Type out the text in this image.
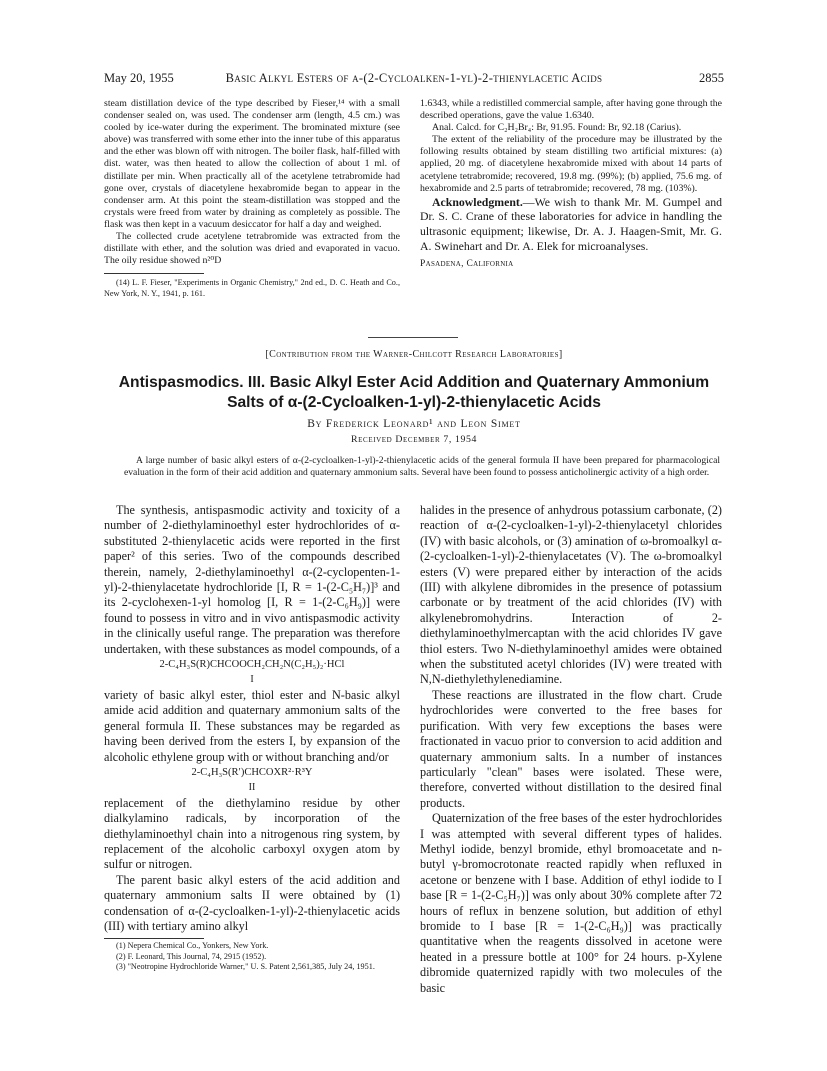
May 20, 1955	Basic Alkyl Esters of α-(2-Cycloalken-1-yl)-2-thienylacetic Acids	2855

steam distillation device of the type described by Fieser,¹⁴ with a small condenser sealed on, was used. The condenser arm (length, 4.5 cm.) was cooled by ice-water during the experiment. The brominated mixture (see above) was transferred with some ether into the inner tube of this apparatus and the ether was blown off with nitrogen. The boiler flask, half-filled with dist. water, was then heated to allow the collection of about 1 ml. of distillate per min. When practically all of the acetylene tetrabromide had gone over, crystals of diacetylene hexabromide began to appear in the condenser arm. At this point the steam-distillation was stopped and the crystals were freed from water by draining as completely as possible. The flask was then kept in a vacuum desiccator for half a day and weighed.

The collected crude acetylene tetrabromide was extracted from the distillate with ether, and the solution was dried and evaporated in vacuo. The oily residue showed n²⁰D

(14) L. F. Fieser, "Experiments in Organic Chemistry," 2nd ed., D. C. Heath and Co., New York, N. Y., 1941, p. 161.

1.6343, while a redistilled commercial sample, after having gone through the described operations, gave the value 1.6340.

Anal. Calcd. for C₂H₂Br₄: Br, 91.95. Found: Br, 92.18 (Carius).

The extent of the reliability of the procedure may be illustrated by the following results obtained by steam distilling two artificial mixtures: (a) applied, 20 mg. of diacetylene hexabromide mixed with about 14 parts of acetylene tetrabromide; recovered, 19.8 mg. (99%); (b) applied, 75.6 mg. of hexabromide and 2.5 parts of tetrabromide; recovered, 78 mg. (103%).

Acknowledgment.—We wish to thank Mr. M. Gumpel and Dr. S. C. Crane of these laboratories for advice in handling the ultrasonic equipment; likewise, Dr. A. J. Haagen-Smit, Mr. G. A. Swinehart and Dr. A. Elek for microanalyses.

Pasadena, California
[Contribution from the Warner-Chilcott Research Laboratories]
Antispasmodics. III. Basic Alkyl Ester Acid Addition and Quaternary Ammonium
Salts of α-(2-Cycloalken-1-yl)-2-thienylacetic Acids
By Frederick Leonard¹ and Leon Simet
Received December 7, 1954

A large number of basic alkyl esters of α-(2-cycloalken-1-yl)-2-thienylacetic acids of the general formula II have been prepared for pharmacological evaluation in the form of their acid addition and quaternary ammonium salts. Several have been found to possess anticholinergic activity of a high order.

The synthesis, antispasmodic activity and toxicity of a number of 2-diethylaminoethyl ester hydrochlorides of α-substituted 2-thienylacetic acids were reported in the first paper² of this series. Two of the compounds described therein, namely, 2-diethylaminoethyl α-(2-cyclopenten-1-yl)-2-thienylacetate hydrochloride [I, R = 1-(2-C₅H₇)]³ and its 2-cyclohexen-1-yl homolog [I, R = 1-(2-C₆H₉)] were found to possess in vitro and in vivo antispasmodic activity in the clinically useful range. The preparation was therefore undertaken, with these substances as model compounds, of a

2-C₄H₃S(R)CHCOOCH₂CH₂N(C₂H₅)₂·HCl

I

variety of basic alkyl ester, thiol ester and N-basic alkyl amide acid addition and quaternary ammonium salts of the general formula II. These substances may be regarded as having been derived from the esters I, by expansion of the alcoholic ethylene group with or without branching and/or

2-C₄H₃S(R′)CHCOXR²·R³Y

II

replacement of the diethylamino residue by other dialkylamino radicals, by incorporation of the diethylaminoethyl chain into a nitrogenous ring system, by replacement of the alcoholic carboxyl oxygen atom by sulfur or nitrogen.

The parent basic alkyl esters of the acid addition and quaternary ammonium salts II were obtained by (1) condensation of α-(2-cycloalken-1-yl)-2-thienylacetic acids (III) with tertiary amino alkyl

(1) Nepera Chemical Co., Yonkers, New York.

(2) F. Leonard, This Journal, 74, 2915 (1952).

(3) "Neotropine Hydrochloride Warner," U. S. Patent 2,561,385, July 24, 1951.

halides in the presence of anhydrous potassium carbonate, (2) reaction of α-(2-cycloalken-1-yl)-2-thienylacetyl chlorides (IV) with basic alcohols, or (3) amination of ω-bromoalkyl α-(2-cycloalken-1-yl)-2-thienylacetates (V). The ω-bromoalkyl esters (V) were prepared either by interaction of the acids (III) with alkylene dibromides in the presence of potassium carbonate or by treatment of the acid chlorides (IV) with alkylenebromohydrins. Interaction of 2-diethylaminoethylmercaptan with the acid chlorides IV gave thiol esters. Two N-diethylaminoethyl amides were obtained when the substituted acetyl chlorides (IV) were treated with N,N-diethylethylenediamine.

These reactions are illustrated in the flow chart. Crude hydrochlorides were converted to the free bases for purification. With very few exceptions the bases were fractionated in vacuo prior to conversion to acid addition and quaternary ammonium salts. In a number of instances particularly "clean" bases were isolated. These were, therefore, converted without distillation to the desired final products.

Quaternization of the free bases of the ester hydrochlorides I was attempted with several different types of halides. Methyl iodide, benzyl bromide, ethyl bromoacetate and n-butyl γ-bromocrotonate reacted rapidly when refluxed in acetone or benzene with I base. Addition of ethyl iodide to I base [R = 1-(2-C₅H₇)] was only about 30% complete after 72 hours of reflux in benzene solution, but addition of ethyl bromide to I base [R = 1-(2-C₆H₉)] was practically quantitative when the reagents dissolved in acetone were heated in a pressure bottle at 100° for 24 hours. p-Xylene dibromide quaternized rapidly with two molecules of the basic
